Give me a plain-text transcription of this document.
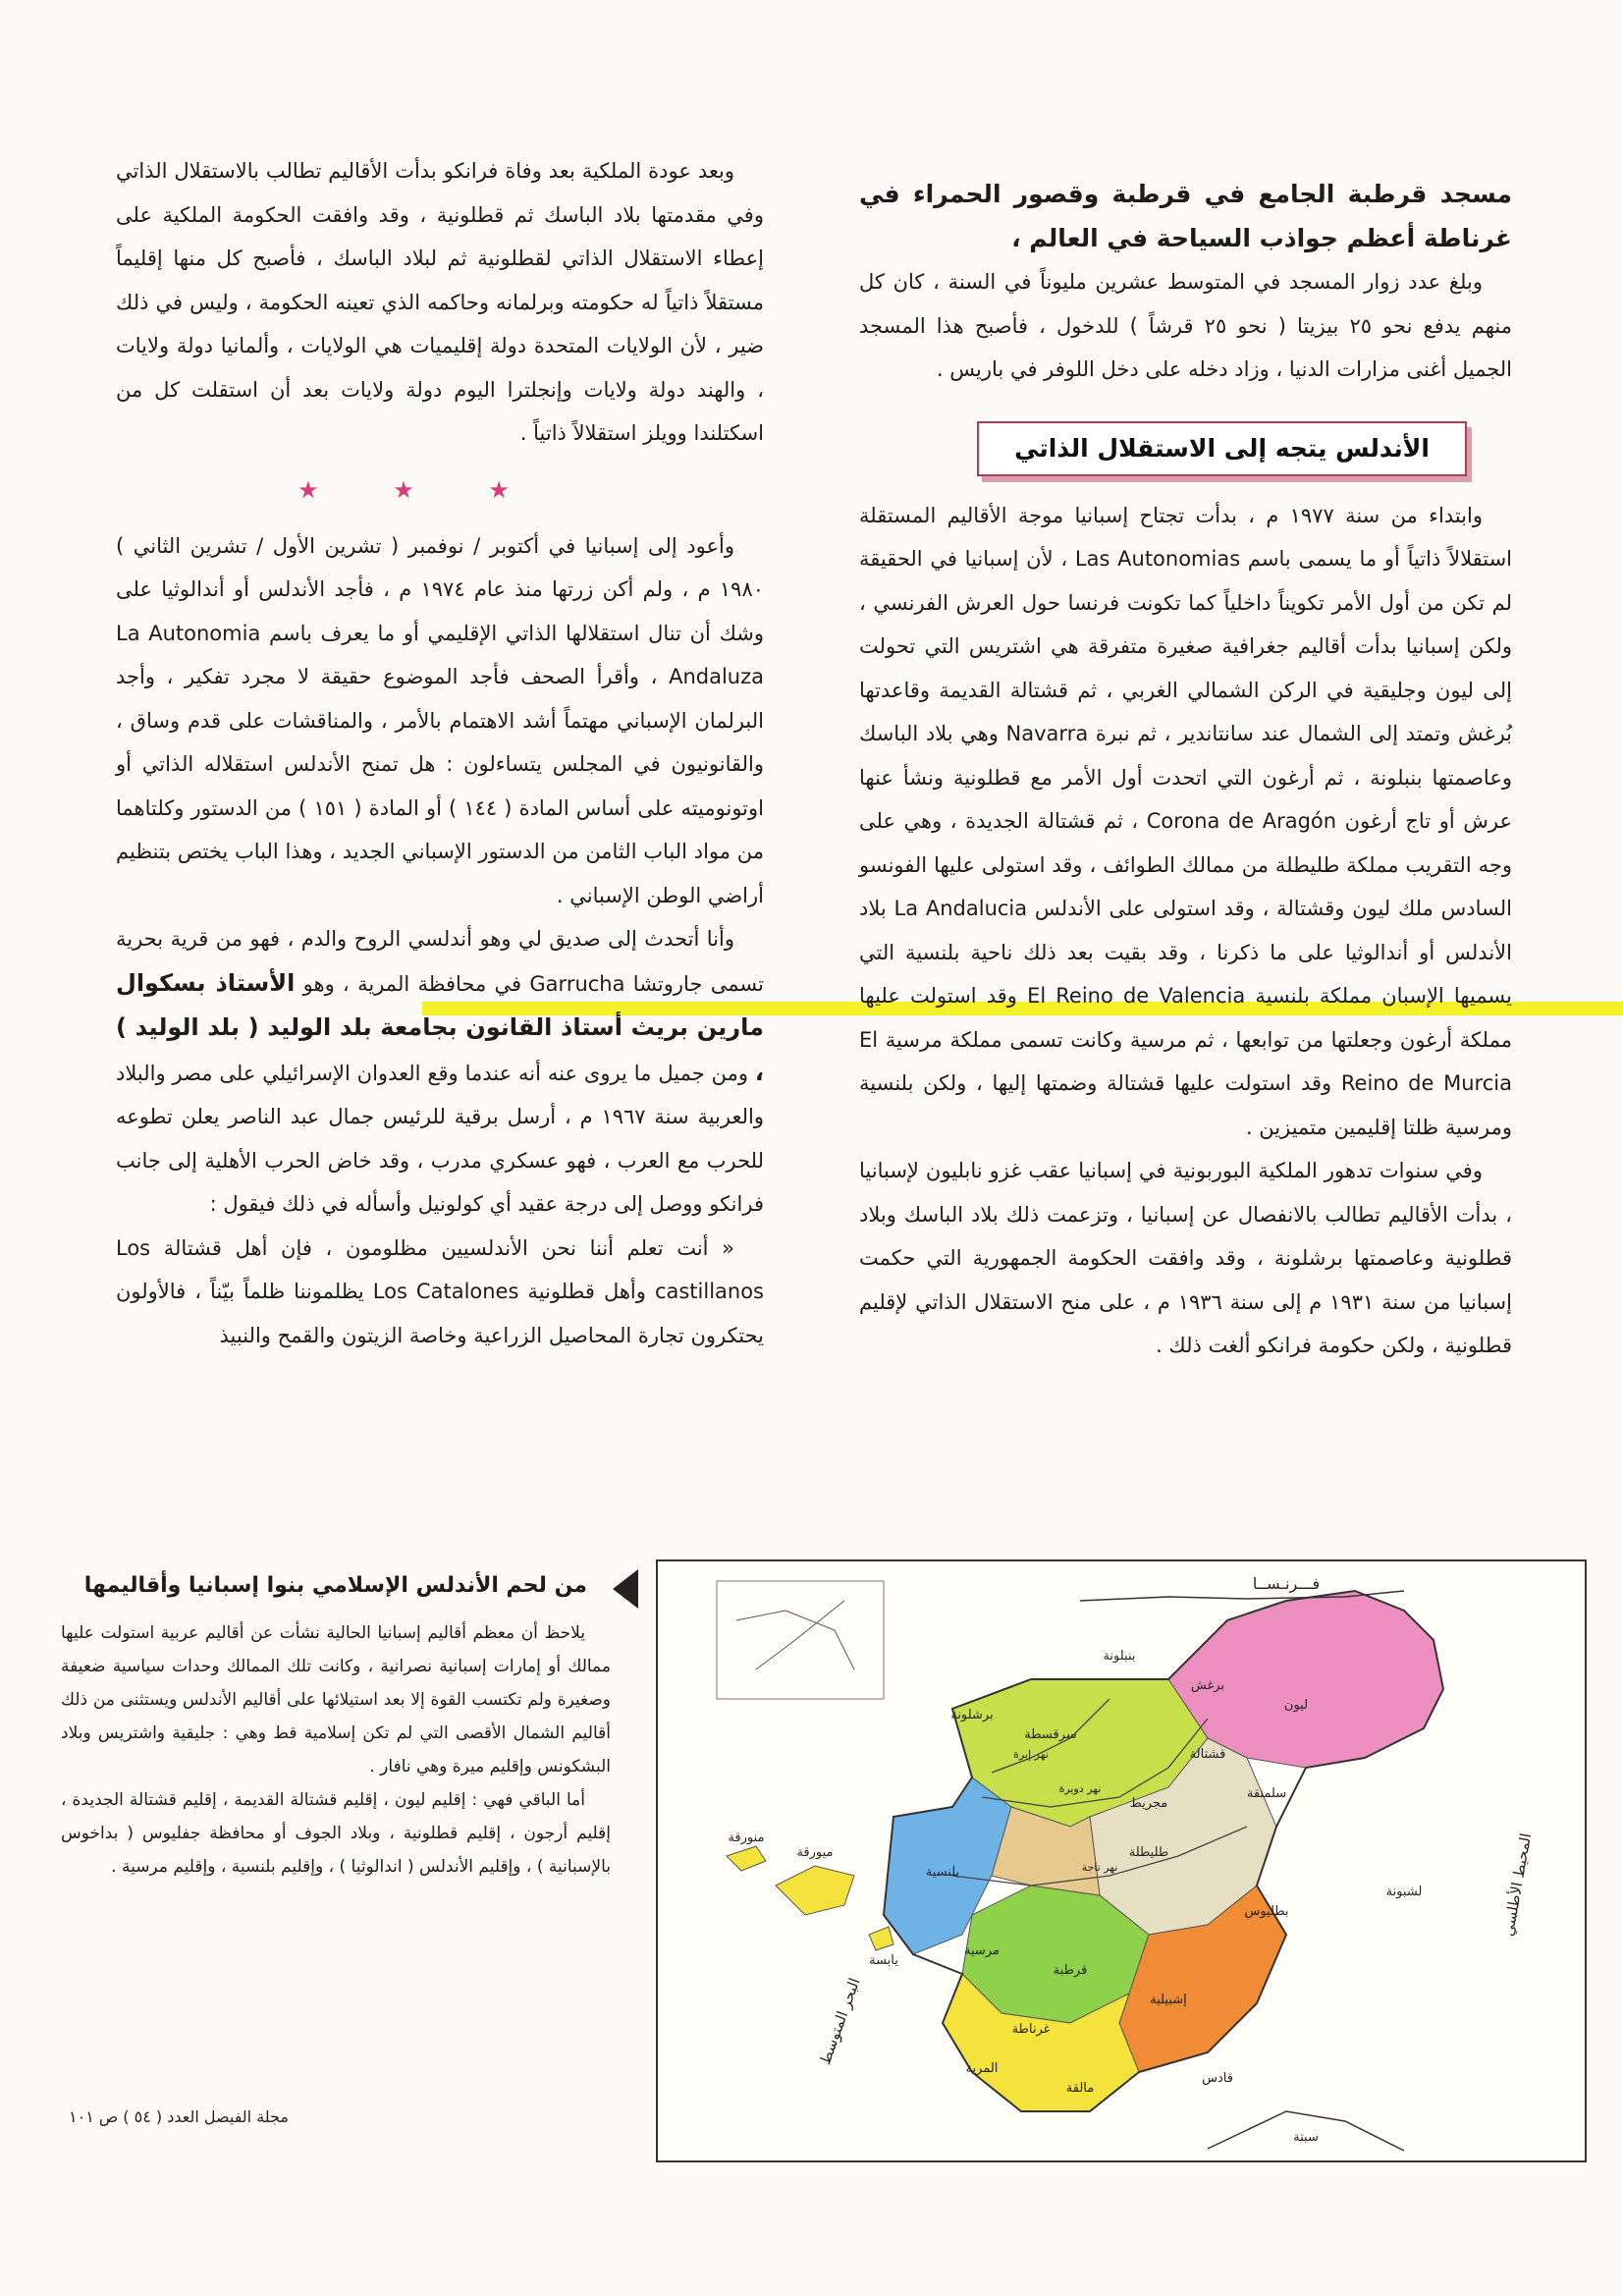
مسجد قرطبة الجامع في قرطبة وقصور الحمراء في غرناطة أعظم جواذب السياحة في العالم ،

وبلغ عدد زوار المسجد في المتوسط عشرين مليوناً في السنة ، كان كل منهم يدفع نحو ٢٥ بيزيتا ( نحو ٢٥ قرشاً ) للدخول ، فأصبح هذا المسجد الجميل أغنى مزارات الدنيا ، وزاد دخله على دخل اللوفر في باريس .

الأندلس يتجه إلى الاستقلال الذاتي

وابتداء من سنة ١٩٧٧ م ، بدأت تجتاح إسبانيا موجة الأقاليم المستقلة استقلالاً ذاتياً أو ما يسمى باسم Las Autonomias ، لأن إسبانيا في الحقيقة لم تكن من أول الأمر تكويناً داخلياً كما تكونت فرنسا حول العرش الفرنسي ، ولكن إسبانيا بدأت أقاليم جغرافية صغيرة متفرقة هي اشتريس التي تحولت إلى ليون وجليقية في الركن الشمالي الغربي ، ثم قشتالة القديمة وقاعدتها بُرغش وتمتد إلى الشمال عند سانتاندير ، ثم نبرة Navarra وهي بلاد الباسك وعاصمتها بنبلونة ، ثم أرغون التي اتحدت أول الأمر مع قطلونية ونشأ عنها عرش أو تاج أرغون Corona de Aragón ، ثم قشتالة الجديدة ، وهي على وجه التقريب مملكة طليطلة من ممالك الطوائف ، وقد استولى عليها الفونسو السادس ملك ليون وقشتالة ، وقد استولى على الأندلس La Andalucia بلاد الأندلس أو أندالوثيا على ما ذكرنا ، وقد بقيت بعد ذلك ناحية بلنسية التي يسميها الإسبان مملكة بلنسية El Reino de Valencia وقد استولت عليها مملكة أرغون وجعلتها من توابعها ، ثم مرسية وكانت تسمى مملكة مرسية El Reino de Murcia وقد استولت عليها قشتالة وضمتها إليها ، ولكن بلنسية ومرسية ظلتا إقليمين متميزين .

وفي سنوات تدهور الملكية البوربونية في إسبانيا عقب غزو نابليون لإسبانيا ، بدأت الأقاليم تطالب بالانفصال عن إسبانيا ، وتزعمت ذلك بلاد الباسك وبلاد قطلونية وعاصمتها برشلونة ، وقد وافقت الحكومة الجمهورية التي حكمت إسبانيا من سنة ١٩٣١ م إلى سنة ١٩٣٦ م ، على منح الاستقلال الذاتي لإقليم قطلونية ، ولكن حكومة فرانكو ألغت ذلك .

وبعد عودة الملكية بعد وفاة فرانكو بدأت الأقاليم تطالب بالاستقلال الذاتي وفي مقدمتها بلاد الباسك ثم قطلونية ، وقد وافقت الحكومة الملكية على إعطاء الاستقلال الذاتي لقطلونية ثم لبلاد الباسك ، فأصبح كل منها إقليماً مستقلاً ذاتياً له حكومته وبرلمانه وحاكمه الذي تعينه الحكومة ، وليس في ذلك ضير ، لأن الولايات المتحدة دولة إقليميات هي الولايات ، وألمانيا دولة ولايات ، والهند دولة ولايات وإنجلترا اليوم دولة ولايات بعد أن استقلت كل من اسكتلندا وويلز استقلالاً ذاتياً .

★ ★ ★

وأعود إلى إسبانيا في أكتوبر / نوفمبر ( تشرين الأول / تشرين الثاني ) ١٩٨٠ م ، ولم أكن زرتها منذ عام ١٩٧٤ م ، فأجد الأندلس أو أندالوثيا على وشك أن تنال استقلالها الذاتي الإقليمي أو ما يعرف باسم La Autonomia Andaluza ، وأقرأ الصحف فأجد الموضوع حقيقة لا مجرد تفكير ، وأجد البرلمان الإسباني مهتماً أشد الاهتمام بالأمر ، والمناقشات على قدم وساق ، والقانونيون في المجلس يتساءلون : هل تمنح الأندلس استقلاله الذاتي أو اوتونوميته على أساس المادة ( ١٤٤ ) أو المادة ( ١٥١ ) من الدستور وكلتاهما من مواد الباب الثامن من الدستور الإسباني الجديد ، وهذا الباب يختص بتنظيم أراضي الوطن الإسباني .

وأنا أتحدث إلى صديق لي وهو أندلسي الروح والدم ، فهو من قرية بحرية تسمى جاروتشا Garrucha في محافظة المرية ، وهو الأستاذ بسكوال مارين بريث أستاذ القانون بجامعة بلد الوليد ( بلد الوليد ) ، ومن جميل ما يروى عنه أنه عندما وقع العدوان الإسرائيلي على مصر والبلاد والعربية سنة ١٩٦٧ م ، أرسل برقية للرئيس جمال عبد الناصر يعلن تطوعه للحرب مع العرب ، فهو عسكري مدرب ، وقد خاض الحرب الأهلية إلى جانب فرانكو ووصل إلى درجة عقيد أي كولونيل وأسأله في ذلك فيقول :

« أنت تعلم أننا نحن الأندلسيين مظلومون ، فإن أهل قشتالة Los castillanos وأهل قطلونية Los Catalones يظلموننا ظلماً بيّناً ، فالأولون يحتكرون تجارة المحاصيل الزراعية وخاصة الزيتون والقمح والنبيذ

من لحم الأندلس الإسلامي بنوا إسبانيا وأقاليمها

يلاحظ أن معظم أقاليم إسبانيا الحالية نشأت عن أقاليم عربية استولت عليها ممالك أو إمارات إسبانية نصرانية ، وكانت تلك الممالك وحدات سياسية ضعيفة وصغيرة ولم تكتسب القوة إلا بعد استيلائها على أقاليم الأندلس ويستثنى من ذلك أقاليم الشمال الأقصى التي لم تكن إسلامية قط وهي : جليقية واشتريس وبلاد البشكونس وإقليم ميرة وهي نافار .

أما الباقي فهي : إقليم ليون ، إقليم قشتالة القديمة ، إقليم قشتالة الجديدة ، إقليم أرجون ، إقليم قطلونية ، وبلاد الجوف أو محافظة جفليوس ( بداخوس بالإسبانية ) ، وإقليم الأندلس ( اندالوثيا ) ، وإقليم بلنسية ، وإقليم مرسية .

فـــرنـســا
المحيط الأطلسي
البحر المتوسط
منورقة
ميورقة
يابسة
طليطلة
قرطبة
غرناطة
إشبيلية
بلنسية
مرسية
سرقسطة
برشلونة
ليون
برغش
بنبلونة
بطليوس
سلمنقة
مجريط
المرية
مالقة
قادس
لشبونة
قشتالة
نهر تاجة
نهر دويرة
نهر إبرة
سبتة
مجلة الفيصل العدد ( ٥٤ ) ص ١٠١
